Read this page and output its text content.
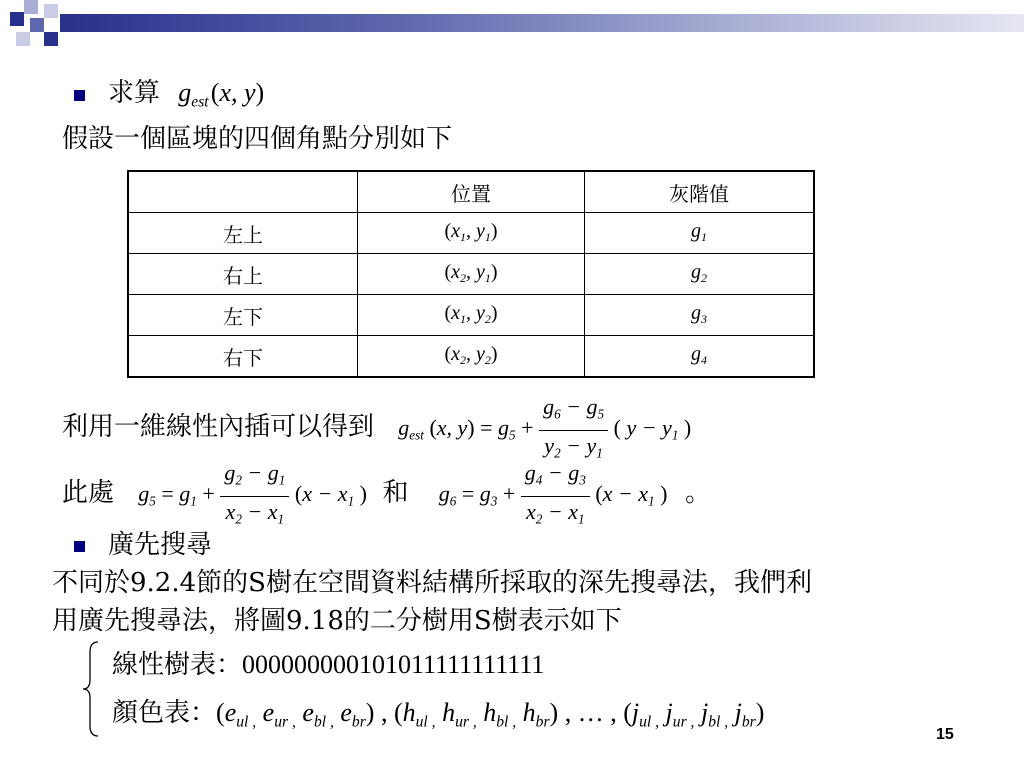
求算 $g_{est}$ (x, y)
假設一個區塊的四個角點分別如下
	位置	灰階值
左上	($x_1$, $y_1$)	$g_1$
右上	($x_2$, $y_1$)	$g_2$
左下	($x_1$, $y_2$)	$g_3$
右下	($x_2$, $y_2$)	$g_4$
利用一維線性內插可以得到 $g_{est}$ (x, $y) = g_5 + \frac{g_6 - g_5}{y_2 - y_1}$ ( $y - y_1$ )
此處 $g_5 = g_1 + \frac{g_2 - g_1}{x_2 - x_1} (x - x_1$ ) 和 $g_6 = g_3 + \frac{g_4 - g_3}{x_2 - x_1} (x - x_1$ ) 。
廣先搜尋
不同於9.2.4節的S樹在空間資料結構所採取的深先搜尋法，我們利
用廣先搜尋法，將圖9.18的二分樹用S樹表示如下
線性樹表：000000000101011111111111
顏色表：($e_{ul ,}$ $e_{ur ,}$ $e_{bl ,}$ $e_{br}$) , ($h_{ul ,}$ $h_{ur ,}$ $h_{bl ,}$ $h_{br}$) , … , ($j_{ul ,}$ $j_{ur ,}$ $j_{bl ,}$ $j_{br}$)
15
